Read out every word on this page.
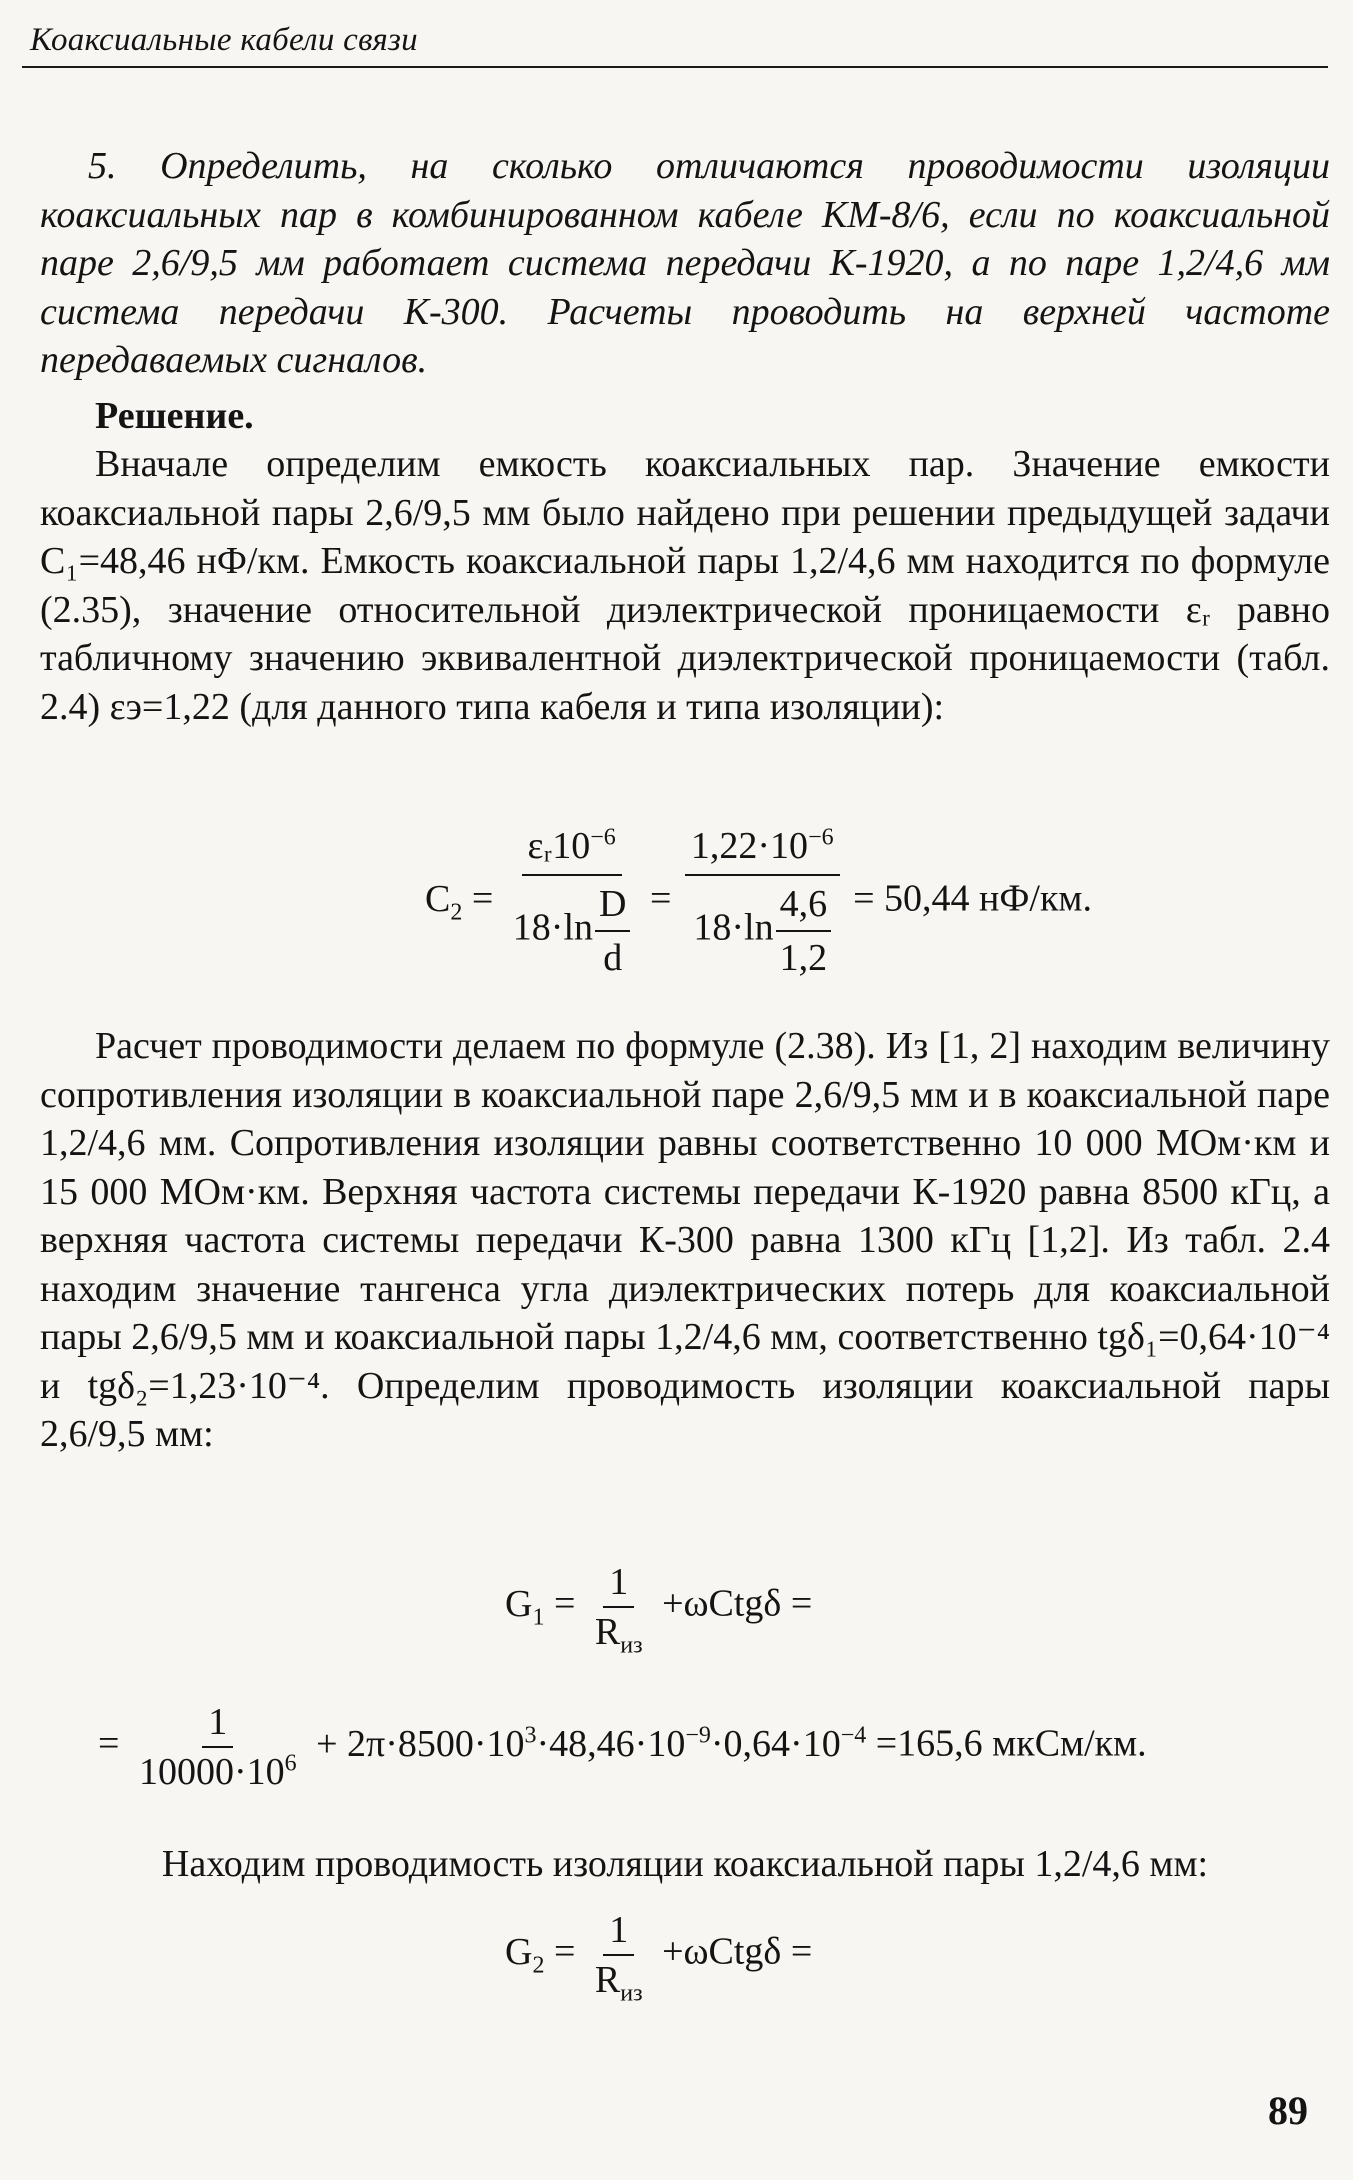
Коаксиальные кабели связи
5. Определить, на сколько отличаются проводимости изоляции коаксиальных пар в комбинированном кабеле КМ-8/6, если по коаксиальной паре 2,6/9,5 мм работает система передачи К-1920, а по паре 1,2/4,6 мм система передачи К-300. Расчеты проводить на верхней частоте передаваемых сигналов.
Решение.
Вначале определим емкость коаксиальных пар. Значение емкости коаксиальной пары 2,6/9,5 мм было найдено при решении предыдущей задачи C₁=48,46 нФ/км. Емкость коаксиальной пары 1,2/4,6 мм находится по формуле (2.35), значение относительной диэлектрической проницаемости εᵣ равно табличному значению эквивалентной диэлектрической проницаемости (табл. 2.4) εэ=1,22 (для данного типа кабеля и типа изоляции):
$C_2 = \frac{\varepsilon ᵣ10^{-6}}{18\cdot\ln \frac{D}{d}} = \frac{1,22\cdot 10^{-6}}{18\cdot\ln \frac{4,6}{1,2}} = 50,44$ нФ/км.
Расчет проводимости делаем по формуле (2.38). Из [1, 2] находим величину сопротивления изоляции в коаксиальной паре 2,6/9,5 мм и в коаксиальной паре 1,2/4,6 мм. Сопротивления изоляции равны соответственно 10 000 МОм·км и 15 000 МОм·км. Верхняя частота системы передачи К-1920 равна 8500 кГц, а верхняя частота системы передачи К-300 равна 1300 кГц [1,2]. Из табл. 2.4 находим значение тангенса угла диэлектрических потерь для коаксиальной пары 2,6/9,5 мм и коаксиальной пары 1,2/4,6 мм, соответственно tgδ₁=0,64·10⁻⁴ и tgδ₂=1,23·10⁻⁴. Определим проводимость изоляции коаксиальной пары 2,6/9,5 мм:
$G_1 = \frac{1}{R_{из}} +\omega Ctg\delta$ =
= $\frac{1}{10000\cdot 10^6} + 2\pi\cdot 8500\cdot 10^3\cdot 48,46\cdot 10^{-9}\cdot 0,64\cdot 10^{-4} =165,6$ мкСм/км.
Находим проводимость изоляции коаксиальной пары 1,2/4,6 мм:
$G_2 = \frac{1}{R_{из}} +\omega Ctg\delta$ =
89
